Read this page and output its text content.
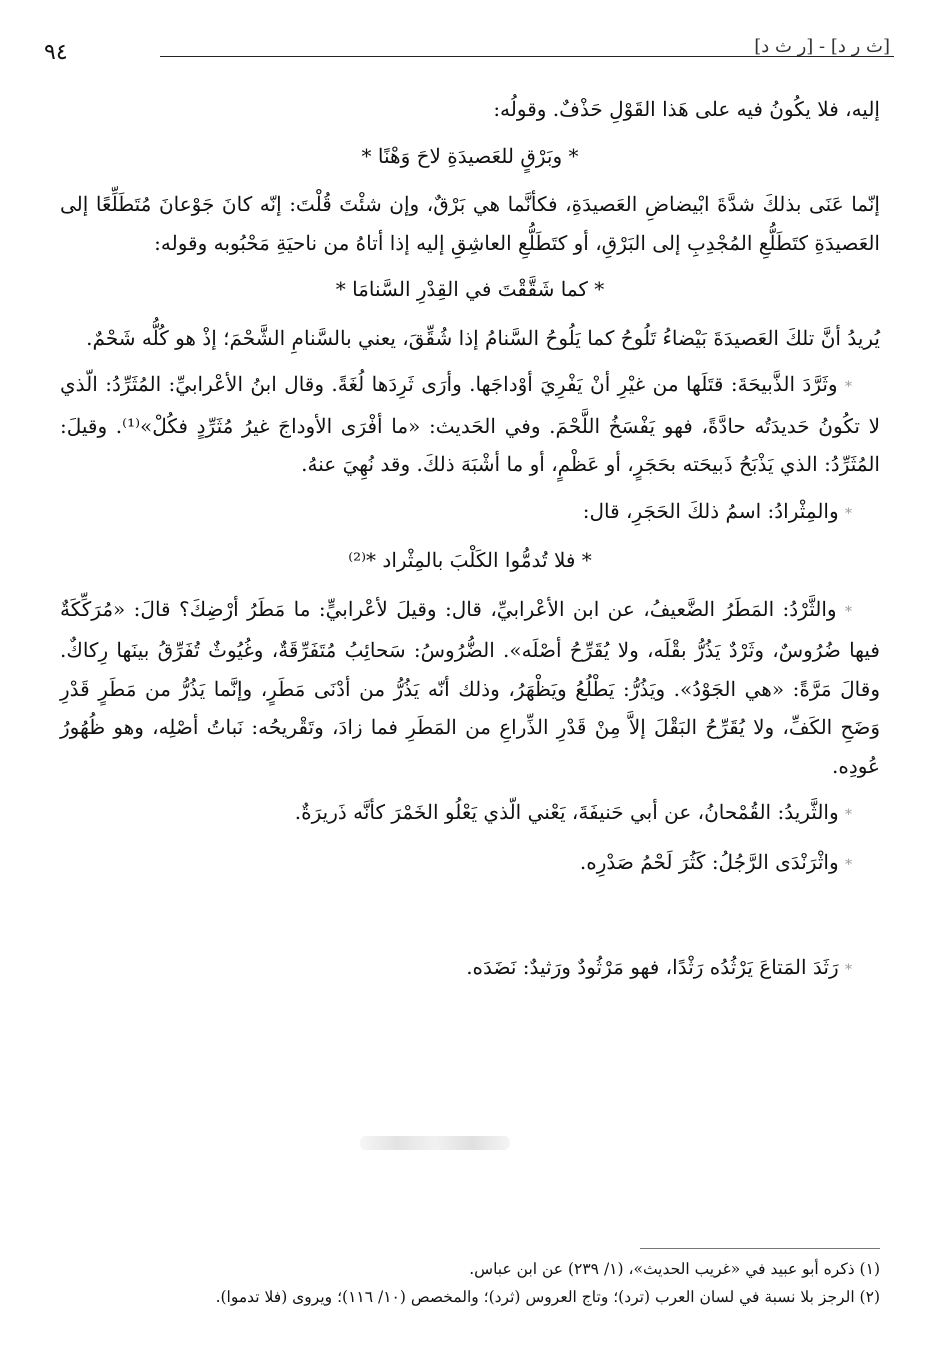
[ث ر د] - [ر ث د]
٩٤

إليه، فلا يكُونُ فيه على هَذا القَوْلِ حَذْفٌ. وقولُه:

* وبَرْقٍ للعَصيدَةِ لاحَ وَهْنًا *

إنّما عَنَى بذلكَ شدَّةَ ابْيضاضِ العَصيدَةِ، فكأنَّما هي بَرْقٌ، وإن شئْتَ قُلْتَ: إنّه كانَ جَوْعانَ مُتَطَلِّعًا إلى العَصيدَةِ كتَطَلُّعِ المُجْدِبِ إلى البَرْقِ، أو كتَطَلُّعِ العاشِقِ إليه إذا أتاهُ من ناحيَةِ مَحْبُوبه وقوله:

* كما شَقَّقْتَ في القِدْرِ السَّنامَا *

يُريدُ أنَّ تلكَ العَصيدَةَ بَيْضاءُ تَلُوحُ كما يَلُوحُ السَّنامُ إذا شُقِّقَ، يعني بالسَّنامِ الشَّحْمَ؛ إذْ هو كُلُّه شَحْمٌ.

* وثَرَّدَ الذَّبيحَةَ: قتَلَها من غيْرِ أنْ يَفْرِيَ أوْداجَها. وأرَى ثَرِدَها لُغَةً. وقال ابنُ الأعْرابيِّ: المُثَرِّدُ: الّذي لا تكُونُ حَديدَتُه حادَّةً، فهو يَفْسَخُ اللَّحْمَ. وفي الحَديث: «ما أفْرَى الأوداجَ غيرُ مُثَرِّدٍ فكُلْ»⁽¹⁾. وقيلَ: المُثَرِّدُ: الذي يَذْبَحُ ذَبيحَته بحَجَرٍ، أو عَظْمٍ، أو ما أشْبَهَ ذلكَ. وقد نُهِيَ عنهُ.

* والمِثْرادُ: اسمُ ذلكَ الحَجَرِ، قال:

* فلا تُدمُّوا الكَلْبَ بالمِثْراد *⁽²⁾

* والثَّرْدُ: المَطَرُ الضَّعيفُ، عن ابن الأعْرابيِّ، قال: وقيلَ لأعْرابيٍّ: ما مَطَرُ أرْضِكَ؟ قالَ: «مُرَكِّكَةٌ فيها ضُرُوسٌ، وثَرْدٌ يَذُرُّ بقْلَه، ولا يُقَرِّحُ أصْلَه». الضُّرُوسُ: سَحائِبُ مُتَفَرِّقَةٌ، وغُيُوثٌ تُفَرِّقُ بينَها رِكاكٌ. وقالَ مَرَّةً: «هي الجَوْدُ». ويَذُرُّ: يَطْلُعُ ويَظْهَرُ، وذلك أنّه يَذُرُّ من أدْنَى مَطَرٍ، وإنَّما يَذُرُّ من مَطَرٍ قَدْرِ وَضَحِ الكَفِّ، ولا يُقَرِّحُ البَقْلَ إلاَّ مِنْ قَدْرِ الذِّراعِ من المَطَرِ فما زادَ، وتَقْريحُه: نَباتُ أصْلِه، وهو ظُهُورُ عُودِه.

* والثَّريدُ: القُمْحانُ، عن أبي حَنيفَةَ، يَعْني الّذي يَعْلُو الخَمْرَ كأنَّه ذَريرَةٌ.

* واثْرَنْدَى الرَّجُلُ: كَثُرَ لَحْمُ صَدْرِه.

* رَثَدَ المَتاعَ يَرْثُدُه رَثْدًا، فهو مَرْثُودٌ ورَثيدٌ: نَضَدَه.

(١) ذكره أبو عبيد في «غريب الحديث»، (١/ ٢٣٩) عن ابن عباس.

(٢) الرجز بلا نسبة في لسان العرب (ترد)؛ وتاج العروس (ثرد)؛ والمخصص (١٠/ ١١٦)؛ ويروى (فلا تدموا).
